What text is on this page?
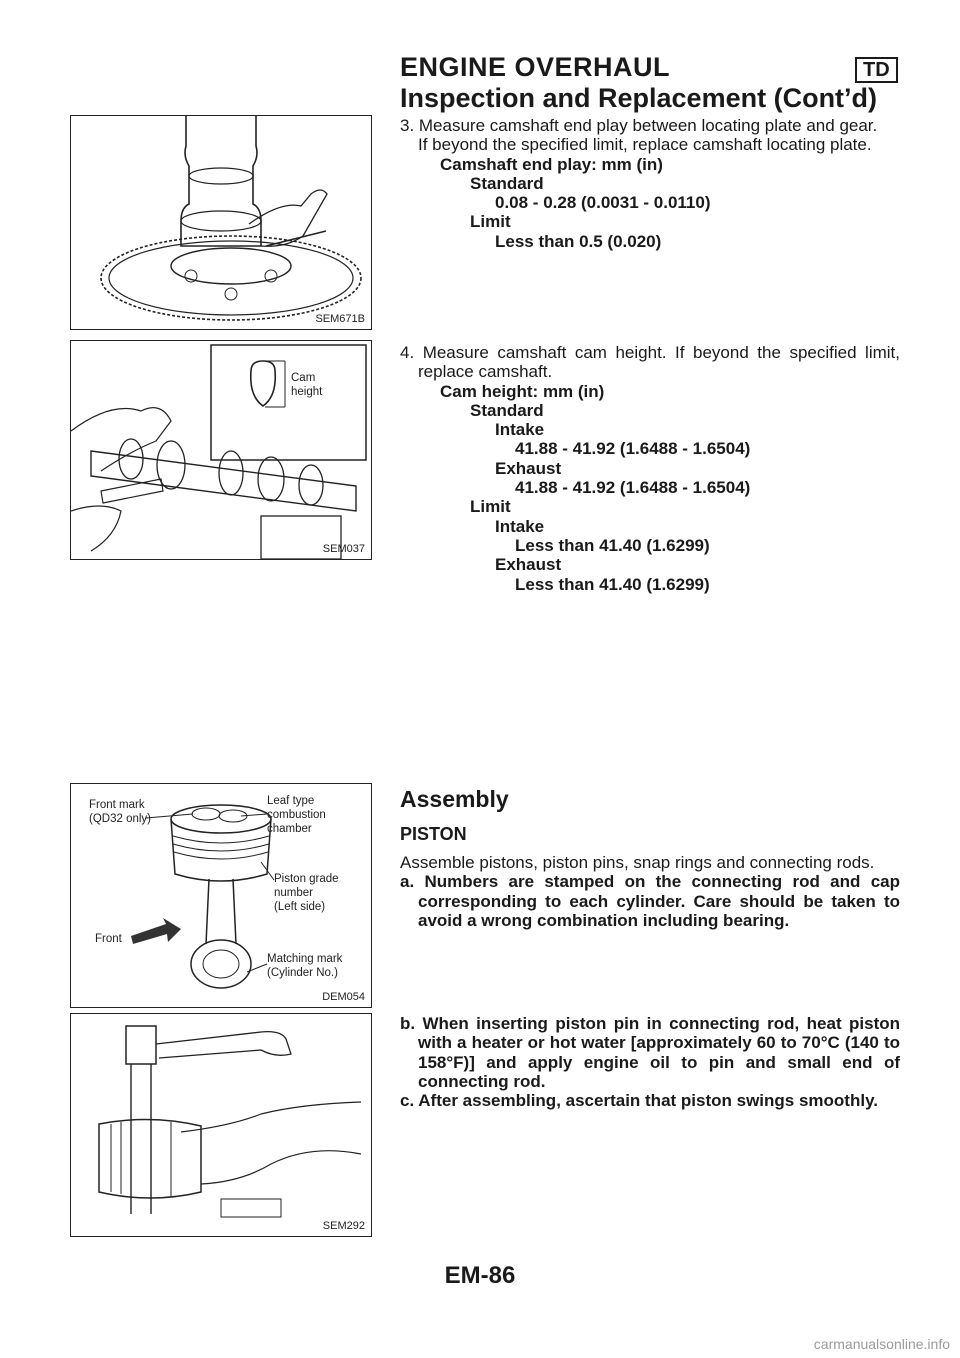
ENGINE OVERHAUL	TD
Inspection and Replacement (Cont’d)
SEM671B
Cam
height
SEM037
Front mark
(QD32 only)
Leaf type
combustion
chamber
Piston grade
number
(Left side)
Front
Matching mark
(Cylinder No.)
DEM054
SEM292

3. Measure camshaft end play between locating plate and gear.

If beyond the specified limit, replace camshaft locating plate.

Camshaft end play: mm (in)

Standard

0.08 - 0.28 (0.0031 - 0.0110)

Limit

Less than 0.5 (0.020)

4. Measure camshaft cam height. If beyond the specified limit, replace camshaft.

Cam height: mm (in)

Standard

Intake

41.88 - 41.92 (1.6488 - 1.6504)

Exhaust

41.88 - 41.92 (1.6488 - 1.6504)

Limit

Intake

Less than 41.40 (1.6299)

Exhaust

Less than 41.40 (1.6299)

Assembly
PISTON

Assemble pistons, piston pins, snap rings and connecting rods.

a. Numbers are stamped on the connecting rod and cap corresponding to each cylinder. Care should be taken to avoid a wrong combination including bearing.

b. When inserting piston pin in connecting rod, heat piston with a heater or hot water [approximately 60 to 70°C (140 to 158°F)] and apply engine oil to pin and small end of connecting rod.

c. After assembling, ascertain that piston swings smoothly.

EM-86
carmanualsonline.info
